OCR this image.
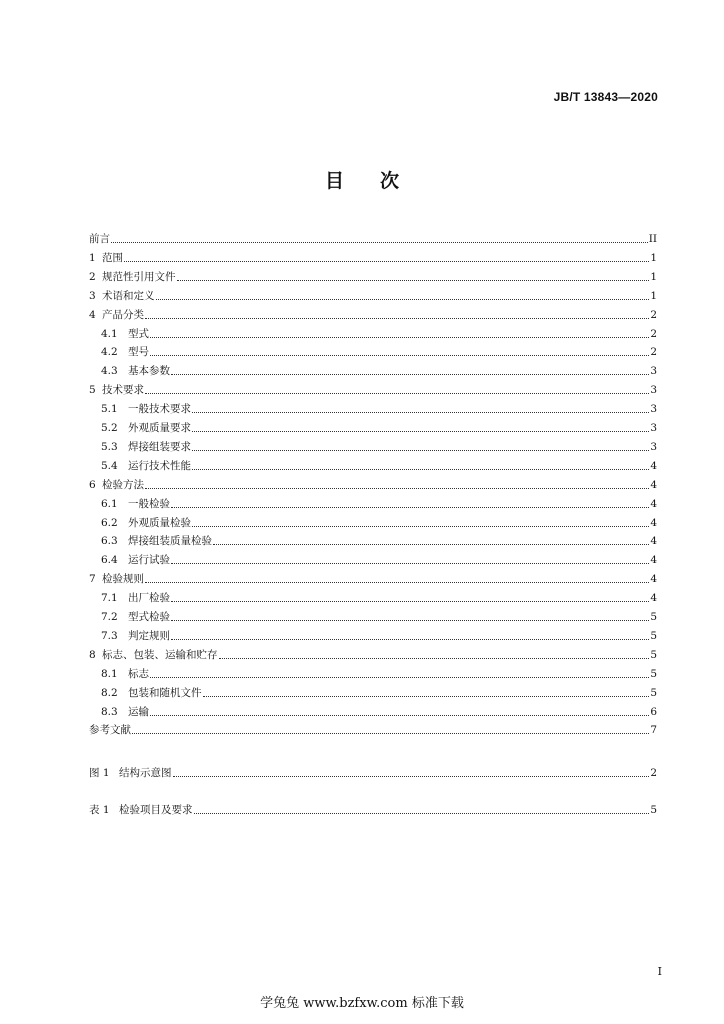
JB/T 13843—2020
目 次
前言	II
1 范围	1
2 规范性引用文件	1
3 术语和定义	1
4 产品分类	2
4.1 型式	2
4.2 型号	2
4.3 基本参数	3
5 技术要求	3
5.1 一般技术要求	3
5.2 外观质量要求	3
5.3 焊接组装要求	3
5.4 运行技术性能	4
6 检验方法	4
6.1 一般检验	4
6.2 外观质量检验	4
6.3 焊接组装质量检验	4
6.4 运行试验	4
7 检验规则	4
7.1 出厂检验	4
7.2 型式检验	5
7.3 判定规则	5
8 标志、包装、运输和贮存	5
8.1 标志	5
8.2 包装和随机文件	5
8.3 运输	6
参考文献	7
图 1 结构示意图	2
表 1 检验项目及要求	5
I
学兔兔 www.bzfxw.com 标准下载
